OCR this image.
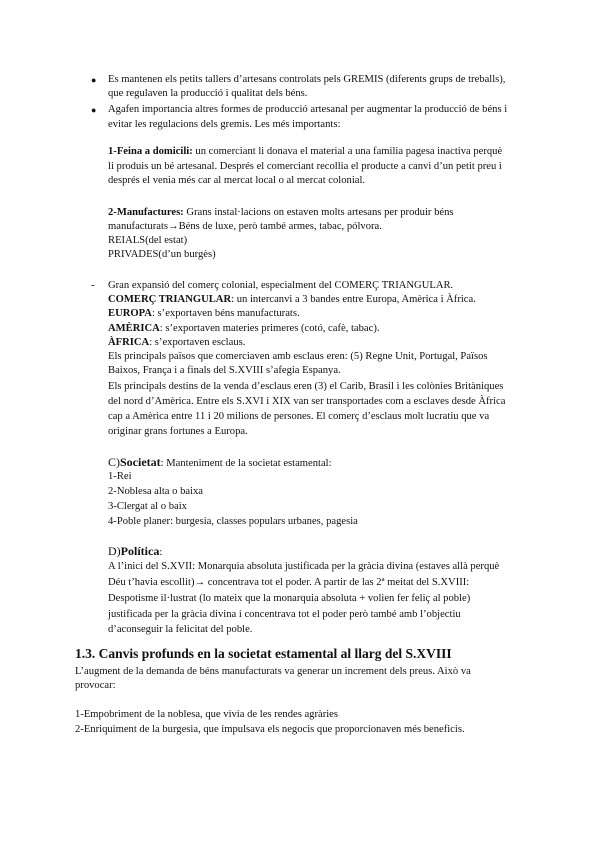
● Es mantenen els petits tallers d’artesans controlats pels GREMIS (diferents grups de treballs),
que regulaven la producció i qualitat dels béns.
● Agafen importancia altres formes de producció artesanal per augmentar la producció de béns i
evitar les regulacions dels gremis. Les més importants:
1-Feina a domicili: un comerciant li donava el material a una familia pagesa inactiva perquè
li produis un bé artesanal. Després el comerciant recollia el producte a canvi d’un petit preu i
després el venia més car al mercat local o al mercat colonial.
2-Manufactures: Grans instal·lacions on estaven molts artesans per produir béns
manufacturats→Béns de luxe, però també armes, tabac, pólvora.
REIALS(del estat)
PRIVADES(d’un burgès)
- Gran expansió del comerç colonial, especialment del COMERÇ TRIANGULAR.
COMERÇ TRIANGULAR: un intercanvi a 3 bandes entre Europa, Amèrica i Àfrica.
EUROPA: s’exportaven béns manufacturats.
AMÈRICA: s’exportaven materies primeres (cotó, cafè, tabac).
ÀFRICA: s’exportaven esclaus.
Els principals països que comerciaven amb esclaus eren: (5) Regne Unit, Portugal, Països
Baixos, França i a finals del S.XVIII s’afegia Espanya.
Els principals destins de la venda d’esclaus eren (3) el Carib, Brasil i les colònies Britàniques
del nord d’Amèrica. Entre els S.XVI i XIX van ser transportades com a esclaves desde Àfrica
cap a Amèrica entre 11 i 20 milions de persones. El comerç d’esclaus molt lucratiu que va
originar grans fortunes a Europa.
C)Societat: Manteniment de la societat estamental:
1-Rei
2-Noblesa alta o baixa
3-Clergat al o baix
4-Poble planer: burgesia, classes populars urbanes, pagesia
D)Política:
A l’inici del S.XVII: Monarquia absoluta justificada per la gràcia divina (estaves allà perquè
Déu t’havia escollit)→ concentrava tot el poder. A partir de las 2ª meitat del S.XVIII:
Despotisme il·lustrat (lo mateix que la monarquia absoluta + volien fer feliç al poble)
justificada per la gràcia divina i concentrava tot el poder però també amb l’objectiu
d’aconseguir la felicitat del poble.
1.3. Canvis profunds en la societat estamental al llarg del S.XVIII
L’augment de la demanda de béns manufacturats va generar un increment dels preus. Això va
provocar:
1-Empobriment de la noblesa, que vivia de les rendes agràries
2-Enriquiment de la burgesia, que impulsava els negocis que proporcionaven més beneficis.
